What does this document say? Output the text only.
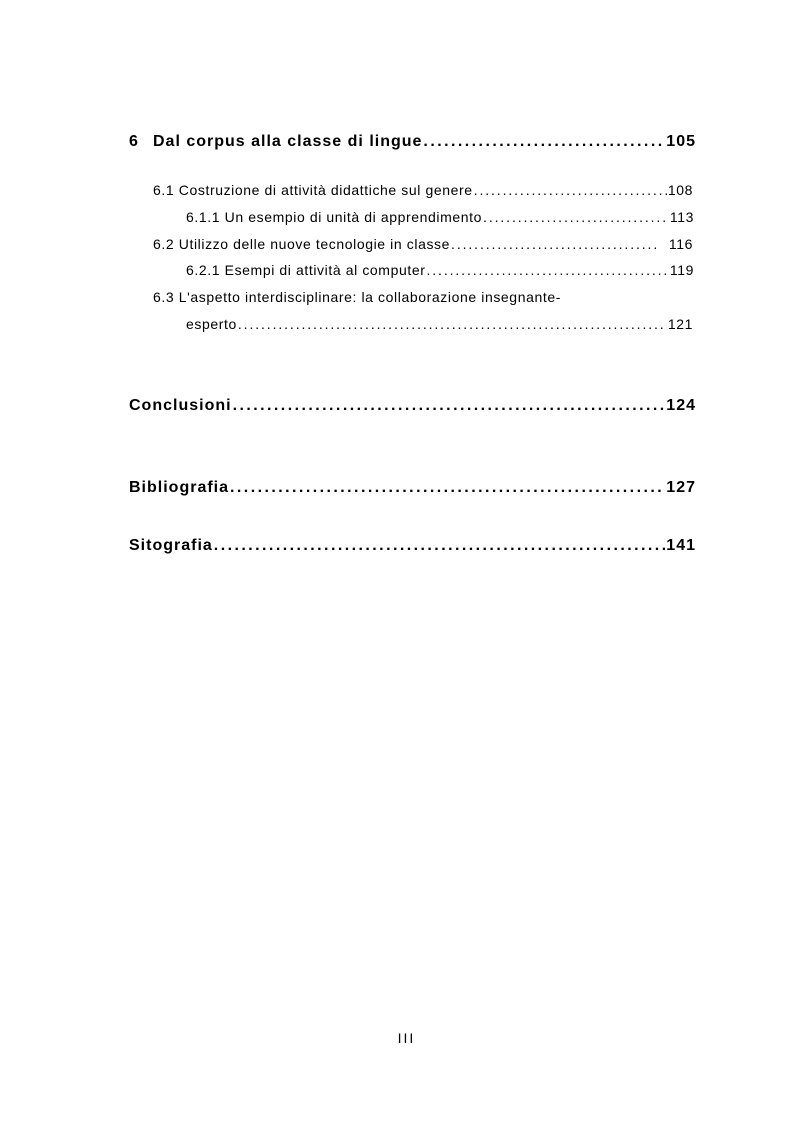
6 Dal corpus alla classe di lingue . . .	105
6.1 Costruzione di attività didattiche sul genere . . .	108
6.1.1 Un esempio di unità di apprendimento . . .	113
6.2 Utilizzo delle nuove tecnologie in classe . . .	116
6.2.1 Esempi di attività al computer . . .	119
6.3 L'aspetto interdisciplinare: la collaborazione insegnante-
esperto . . .	121
Conclusioni . . .	124
Bibliografia . . .	127
Sitografia . . .	141
III
